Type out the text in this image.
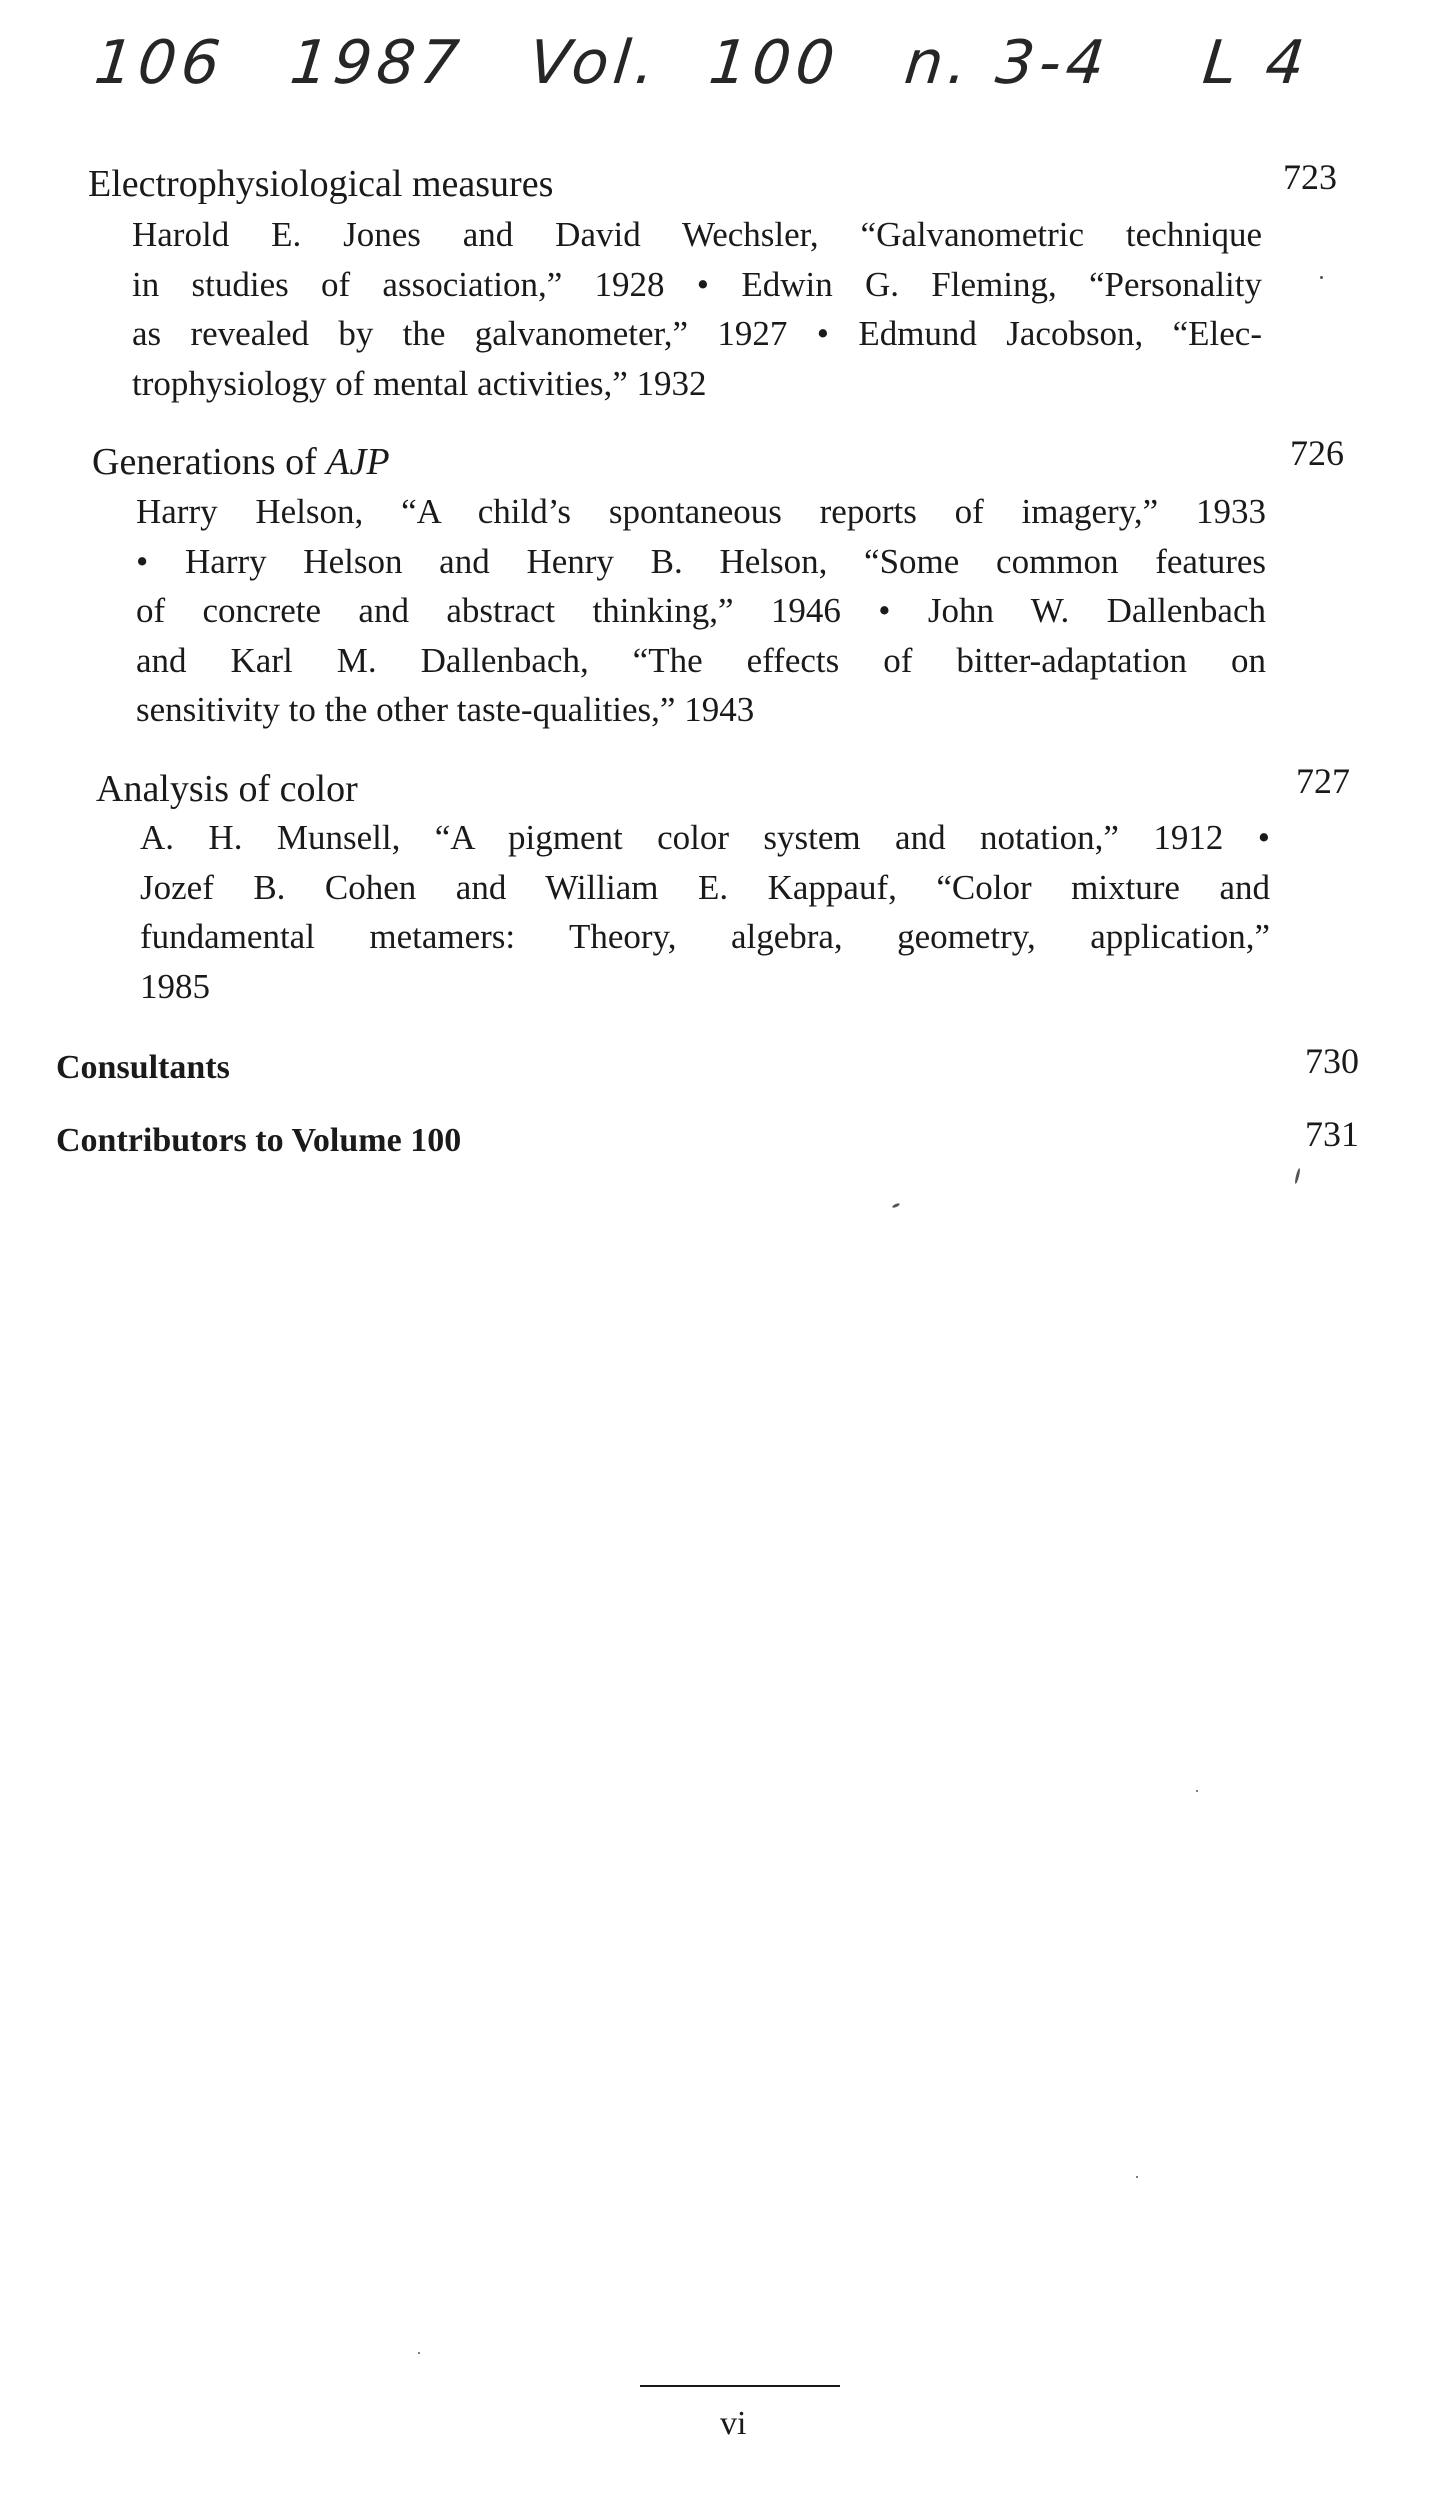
106 1987 Vol. 100 n. 3-4 L 4
Electrophysiological measures	723
Harold E. Jones and David Wechsler, “Galvanometric technique
in studies of association,” 1928 • Edwin G. Fleming, “Personality
as revealed by the galvanometer,” 1927 • Edmund Jacobson, “Elec-
trophysiology of mental activities,” 1932
Generations of AJP	726
Harry Helson, “A child’s spontaneous reports of imagery,” 1933
• Harry Helson and Henry B. Helson, “Some common features
of concrete and abstract thinking,” 1946 • John W. Dallenbach
and Karl M. Dallenbach, “The effects of bitter-adaptation on
sensitivity to the other taste-qualities,” 1943
Analysis of color	727
A. H. Munsell, “A pigment color system and notation,” 1912 •
Jozef B. Cohen and William E. Kappauf, “Color mixture and
fundamental metamers: Theory, algebra, geometry, application,”
1985
Consultants	730
Contributors to Volume 100	731
vi
